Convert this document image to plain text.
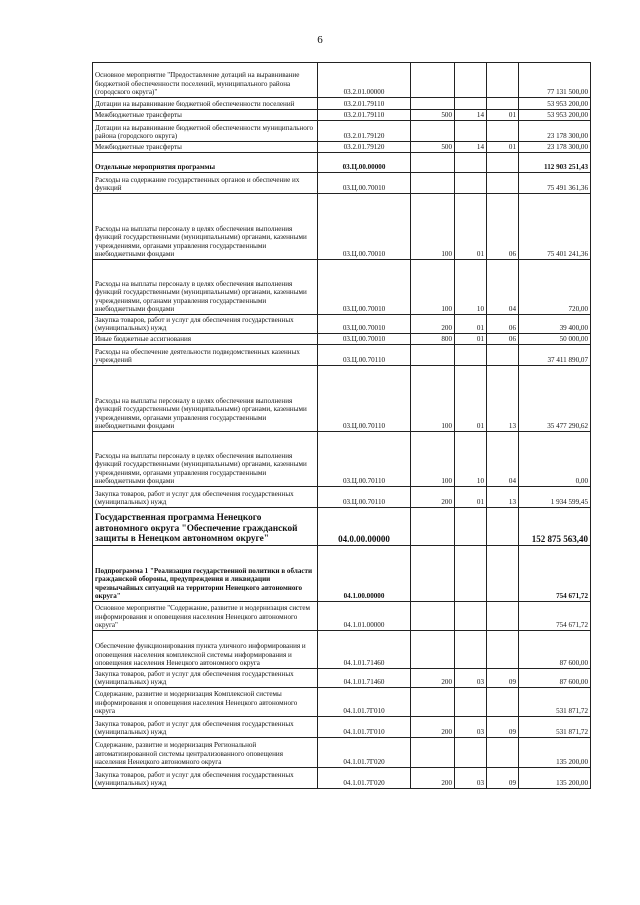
6
Основное мероприятие "Предоставление дотаций на выравнивание бюджетной обеспеченности поселений, муниципального района (городского округа)"	03.2.01.00000				77 131 500,00
Дотации на выравнивание бюджетной обеспеченности поселений	03.2.01.79110				53 953 200,00
Межбюджетные трансферты	03.2.01.79110	500	14	01	53 953 200,00
Дотации на выравнивание бюджетной обеспеченности муниципального района (городского округа)	03.2.01.79120				23 178 300,00
Межбюджетные трансферты	03.2.01.79120	500	14	01	23 178 300,00
Отдельные мероприятия программы	03.Ц.00.00000				112 903 251,43
Расходы на содержание государственных органов и обеспечение их функций	03.Ц.00.70010				75 491 361,36
Расходы на выплаты персоналу в целях обеспечения выполнения функций государственными (муниципальными) органами, казенными учреждениями, органами управления государственными внебюджетными фондами	03.Ц.00.70010	100	01	06	75 401 241,36
Расходы на выплаты персоналу в целях обеспечения выполнения функций государственными (муниципальными) органами, казенными учреждениями, органами управления государственными внебюджетными фондами	03.Ц.00.70010	100	10	04	720,00
Закупка товаров, работ и услуг для обеспечения государственных (муниципальных) нужд	03.Ц.00.70010	200	01	06	39 400,00
Иные бюджетные ассигнования	03.Ц.00.70010	800	01	06	50 000,00
Расходы на обеспечение деятельности подведомственных казенных учреждений	03.Ц.00.70110				37 411 890,07
Расходы на выплаты персоналу в целях обеспечения выполнения функций государственными (муниципальными) органами, казенными учреждениями, органами управления государственными внебюджетными фондами	03.Ц.00.70110	100	01	13	35 477 290,62
Расходы на выплаты персоналу в целях обеспечения выполнения функций государственными (муниципальными) органами, казенными учреждениями, органами управления государственными внебюджетными фондами	03.Ц.00.70110	100	10	04	0,00
Закупка товаров, работ и услуг для обеспечения государственных (муниципальных) нужд	03.Ц.00.70110	200	01	13	1 934 599,45
Государственная программа Ненецкого автономного округа "Обеспечение гражданской защиты в Ненецком автономном округе"	04.0.00.00000				152 875 563,40
Подпрограмма 1 "Реализация государственной политики в области гражданской обороны, предупреждения и ликвидации чрезвычайных ситуаций на территории Ненецкого автономного округа"	04.1.00.00000				754 671,72
Основное мероприятие "Содержание, развитие и модернизация систем информирования и оповещения населения Ненецкого автономного округа"	04.1.01.00000				754 671,72
Обеспечение функционирования пункта уличного информирования и оповещения населения комплексной системы информирования и оповещения населения Ненецкого автономного округа	04.1.01.71460				87 600,00
Закупка товаров, работ и услуг для обеспечения государственных (муниципальных) нужд	04.1.01.71460	200	03	09	87 600,00
Содержание, развитие и модернизация Комплексной системы информирования и оповещения населения Ненецкого автономного округа	04.1.01.7Г010				531 871,72
Закупка товаров, работ и услуг для обеспечения государственных (муниципальных) нужд	04.1.01.7Г010	200	03	09	531 871,72
Содержание, развитие и модернизация Региональной автоматизированной системы централизованного оповещения населения Ненецкого автономного округа	04.1.01.7Г020				135 200,00
Закупка товаров, работ и услуг для обеспечения государственных (муниципальных) нужд	04.1.01.7Г020	200	03	09	135 200,00
